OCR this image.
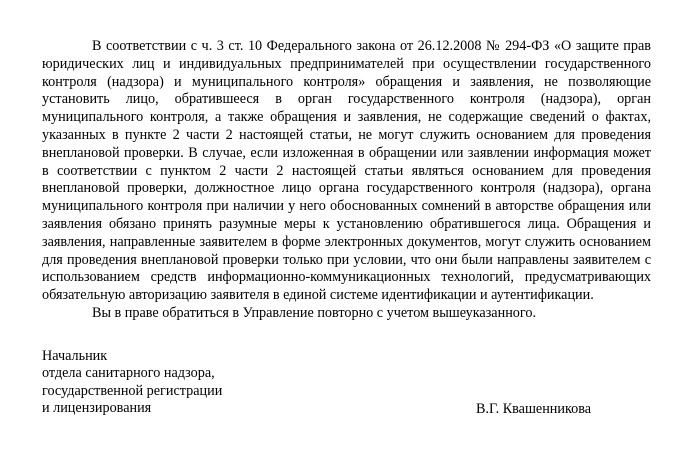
В соответствии с ч. 3 ст. 10 Федерального закона от 26.12.2008 № 294-ФЗ «О защите прав юридических лиц и индивидуальных предпринимателей при осуществлении государственного контроля (надзора) и муниципального контроля» обращения и заявления, не позволяющие установить лицо, обратившееся в орган государственного контроля (надзора), орган муниципального контроля, а также обращения и заявления, не содержащие сведений о фактах, указанных в пункте 2 части 2 настоящей статьи, не могут служить основанием для проведения внеплановой проверки. В случае, если изложенная в обращении или заявлении информация может в соответствии с пунктом 2 части 2 настоящей статьи являться основанием для проведения внеплановой проверки, должностное лицо органа государственного контроля (надзора), органа муниципального контроля при наличии у него обоснованных сомнений в авторстве обращения или заявления обязано принять разумные меры к установлению обратившегося лица. Обращения и заявления, направленные заявителем в форме электронных документов, могут служить основанием для проведения внеплановой проверки только при условии, что они были направлены заявителем с использованием средств информационно-коммуникационных технологий, предусматривающих обязательную авторизацию заявителя в единой системе идентификации и аутентификации.

Вы в праве обратиться в Управление повторно с учетом вышеуказанного.

Начальник
отдела санитарного надзора,
государственной регистрации
и лицензирования	В.Г. Квашенникова
